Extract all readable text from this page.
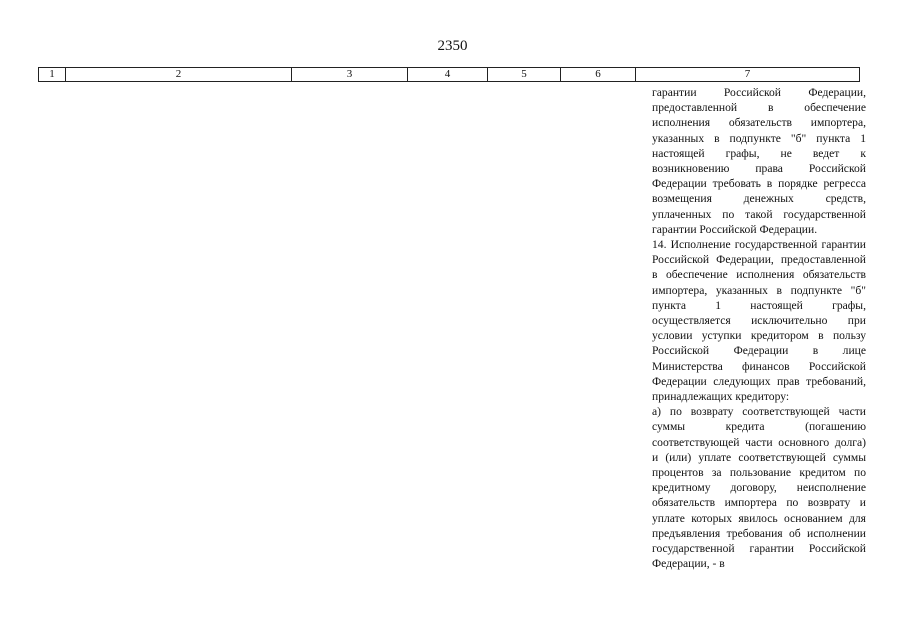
2350
1	2	3	4	5	6	7

гарантии Российской Федерации, предоставленной в обеспечение исполнения обязательств импортера, указанных в подпункте "б" пункта 1 настоящей графы, не ведет к возникновению права Российской Федерации требовать в порядке регресса возмещения денежных средств, уплаченных по такой государственной гарантии Российской Федерации.

14. Исполнение государственной гарантии Российской Федерации, предоставленной в обеспечение исполнения обязательств импортера, указанных в подпункте "б" пункта 1 настоящей графы, осуществляется исключительно при условии уступки кредитором в пользу Российской Федерации в лице Министерства финансов Российской Федерации следующих прав требований, принадлежащих кредитору:

а) по возврату соответствующей части суммы кредита (погашению соответствующей части основного долга) и (или) уплате соответствующей суммы процентов за пользование кредитом по кредитному договору, неисполнение обязательств импортера по возврату и уплате которых явилось основанием для предъявления требования об исполнении государственной гарантии Российской Федерации, - в
